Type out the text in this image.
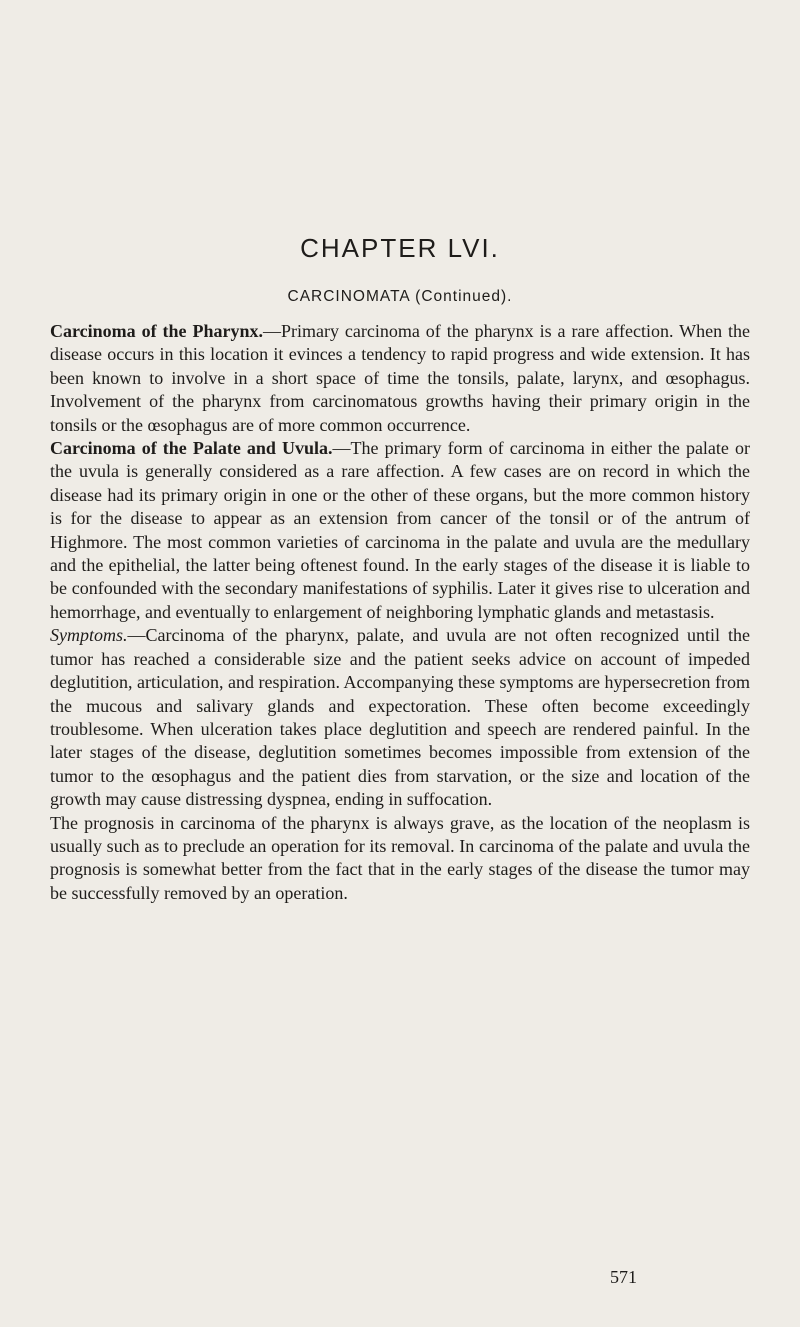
CHAPTER LVI.
CARCINOMATA (Continued).

Carcinoma of the Pharynx.—Primary carcinoma of the pharynx is a rare affection. When the disease occurs in this location it evinces a tendency to rapid progress and wide extension. It has been known to involve in a short space of time the tonsils, palate, larynx, and œsophagus. Involvement of the pharynx from carcinomatous growths having their primary origin in the tonsils or the œsophagus are of more common occurrence.

Carcinoma of the Palate and Uvula.—The primary form of carcinoma in either the palate or the uvula is generally considered as a rare affection. A few cases are on record in which the disease had its primary origin in one or the other of these organs, but the more common history is for the disease to appear as an extension from cancer of the tonsil or of the antrum of Highmore. The most common varieties of carcinoma in the palate and uvula are the medullary and the epithelial, the latter being oftenest found. In the early stages of the disease it is liable to be confounded with the secondary manifestations of syphilis. Later it gives rise to ulceration and hemorrhage, and eventually to enlargement of neighboring lymphatic glands and metastasis.

Symptoms.—Carcinoma of the pharynx, palate, and uvula are not often recognized until the tumor has reached a considerable size and the patient seeks advice on account of impeded deglutition, articulation, and respiration. Accompanying these symptoms are hypersecretion from the mucous and salivary glands and expectoration. These often become exceedingly troublesome. When ulceration takes place deglutition and speech are rendered painful. In the later stages of the disease, deglutition sometimes becomes impossible from extension of the tumor to the œsophagus and the patient dies from starvation, or the size and location of the growth may cause distressing dyspnea, ending in suffocation.

The prognosis in carcinoma of the pharynx is always grave, as the location of the neoplasm is usually such as to preclude an operation for its removal. In carcinoma of the palate and uvula the prognosis is somewhat better from the fact that in the early stages of the disease the tumor may be successfully removed by an operation.

571
